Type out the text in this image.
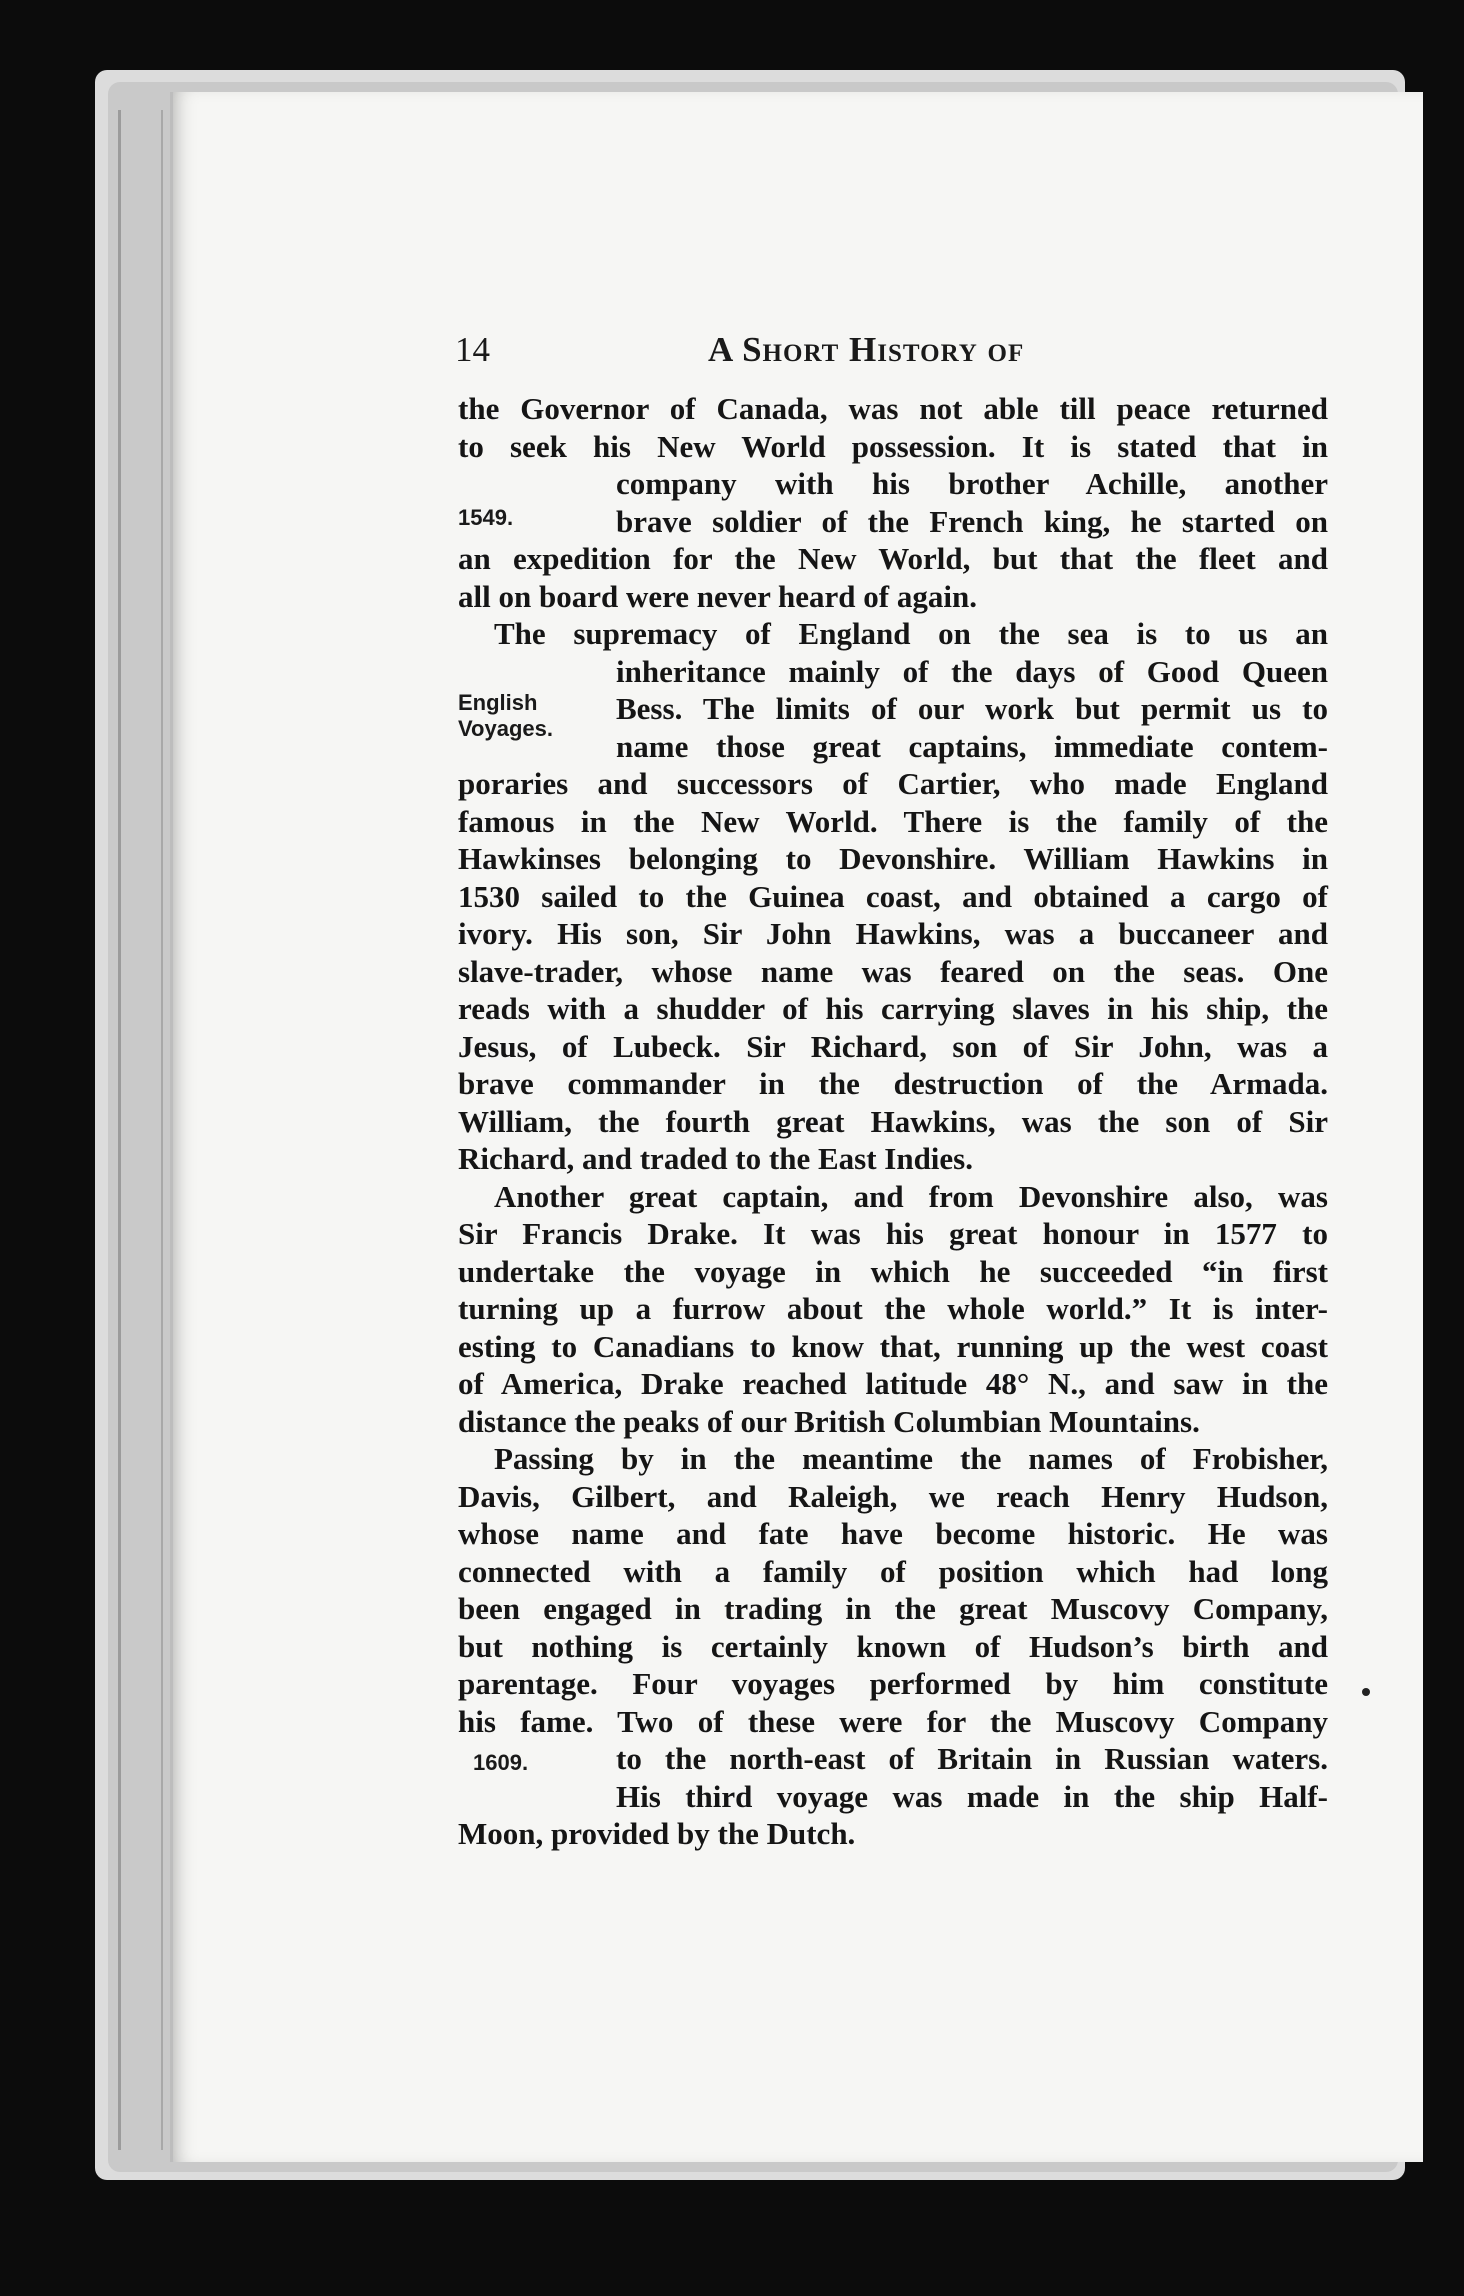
14	A Short History of
1549.
English
Voyages.
1609.
the Governor of Canada, was not able till peace returned
to seek his New World possession. It is stated that in
company with his brother Achille, another
brave soldier of the French king, he started on
an expedition for the New World, but that the fleet and
all on board were never heard of again.
The supremacy of England on the sea is to us an
inheritance mainly of the days of Good Queen
Bess. The limits of our work but permit us to
name those great captains, immediate contem-
poraries and successors of Cartier, who made England
famous in the New World. There is the family of the
Hawkinses belonging to Devonshire. William Hawkins in
1530 sailed to the Guinea coast, and obtained a cargo of
ivory. His son, Sir John Hawkins, was a buccaneer and
slave-trader, whose name was feared on the seas. One
reads with a shudder of his carrying slaves in his ship, the
Jesus, of Lubeck. Sir Richard, son of Sir John, was a
brave commander in the destruction of the Armada.
William, the fourth great Hawkins, was the son of Sir
Richard, and traded to the East Indies.
Another great captain, and from Devonshire also, was
Sir Francis Drake. It was his great honour in 1577 to
undertake the voyage in which he succeeded “in first
turning up a furrow about the whole world.” It is inter-
esting to Canadians to know that, running up the west coast
of America, Drake reached latitude 48° N., and saw in the
distance the peaks of our British Columbian Mountains.
Passing by in the meantime the names of Frobisher,
Davis, Gilbert, and Raleigh, we reach Henry Hudson,
whose name and fate have become historic. He was
connected with a family of position which had long
been engaged in trading in the great Muscovy Company,
but nothing is certainly known of Hudson’s birth and
parentage. Four voyages performed by him constitute
his fame. Two of these were for the Muscovy Company
to the north-east of Britain in Russian waters.
His third voyage was made in the ship Half-
Moon, provided by the Dutch.
